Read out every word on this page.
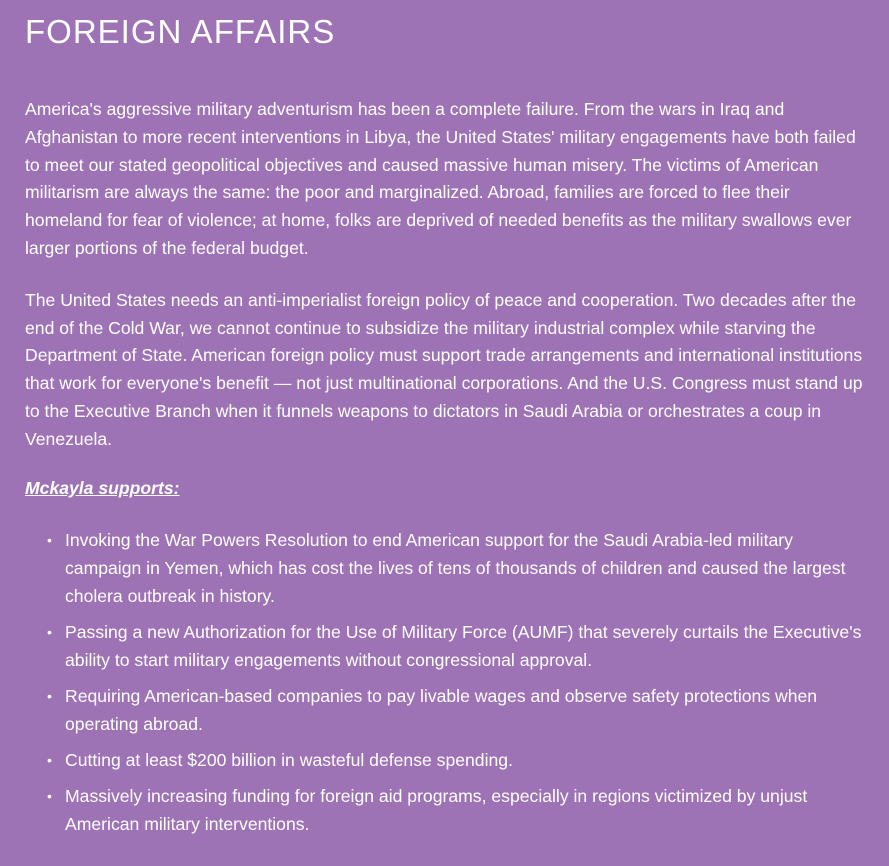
FOREIGN AFFAIRS

America's aggressive military adventurism has been a complete failure. From the wars in Iraq and Afghanistan to more recent interventions in Libya, the United States' military engagements have both failed to meet our stated geopolitical objectives and caused massive human misery. The victims of American militarism are always the same: the poor and marginalized. Abroad, families are forced to flee their homeland for fear of violence; at home, folks are deprived of needed benefits as the military swallows ever larger portions of the federal budget.

The United States needs an anti-imperialist foreign policy of peace and cooperation. Two decades after the end of the Cold War, we cannot continue to subsidize the military industrial complex while starving the Department of State. American foreign policy must support trade arrangements and international institutions that work for everyone's benefit — not just multinational corporations. And the U.S. Congress must stand up to the Executive Branch when it funnels weapons to dictators in Saudi Arabia or orchestrates a coup in Venezuela.

Mckayla supports:
• Invoking the War Powers Resolution to end American support for the Saudi Arabia-led military campaign in Yemen, which has cost the lives of tens of thousands of children and caused the largest cholera outbreak in history.
• Passing a new Authorization for the Use of Military Force (AUMF) that severely curtails the Executive's ability to start military engagements without congressional approval.
• Requiring American-based companies to pay livable wages and observe safety protections when operating abroad.
• Cutting at least $200 billion in wasteful defense spending.
• Massively increasing funding for foreign aid programs, especially in regions victimized by unjust American military interventions.
